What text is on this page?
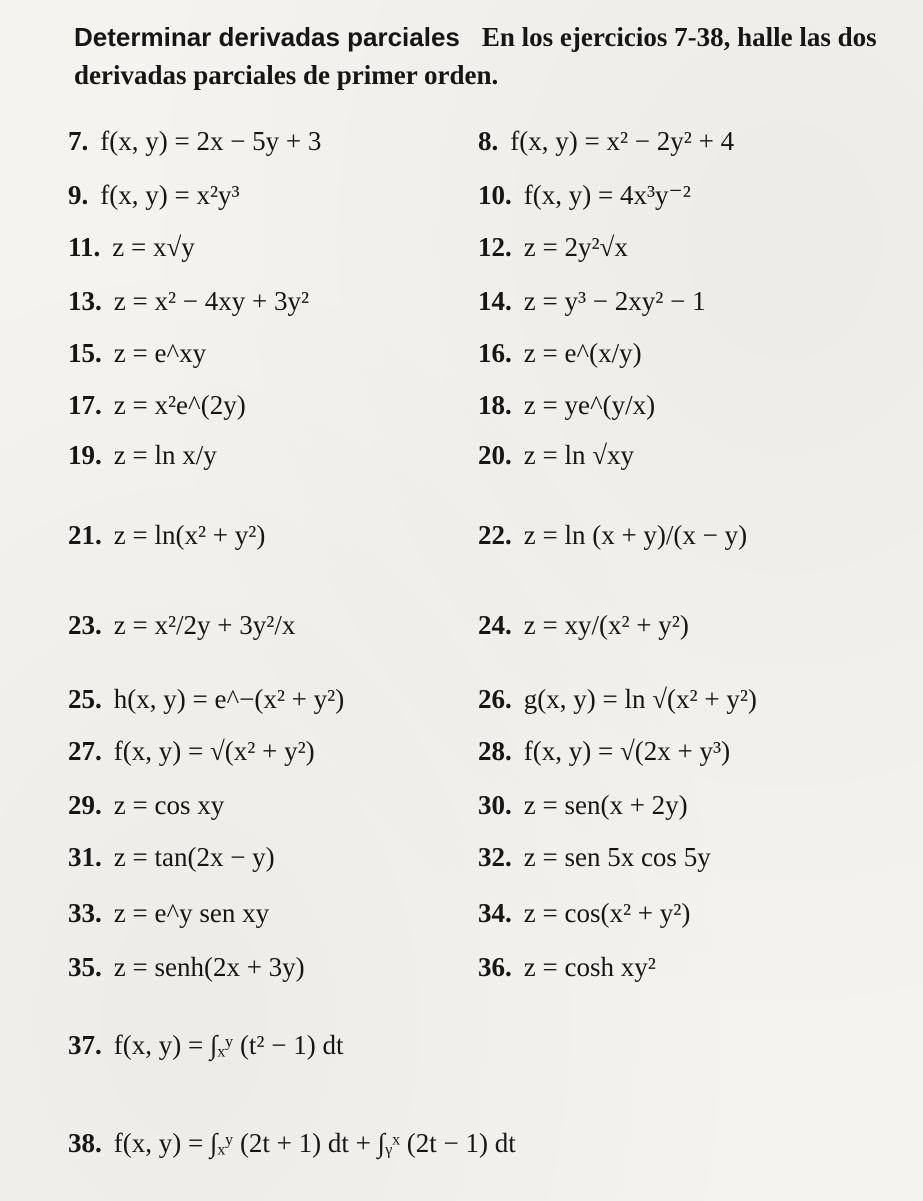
Determinar derivadas parciales En los ejercicios 7-38, halle las dos derivadas parciales de primer orden.
7. f(x, y) = 2x − 5y + 3	8. f(x, y) = x² − 2y² + 4
9. f(x, y) = x²y³	10. f(x, y) = 4x³y⁻²
11. z = x√y	12. z = 2y²√x
13. z = x² − 4xy + 3y²	14. z = y³ − 2xy² − 1
15. z = e^xy	16. z = e^(x/y)
17. z = x²e^(2y)	18. z = ye^(y/x)
19. z = ln x/y	20. z = ln √xy
21. z = ln(x² + y²)	22. z = ln (x + y)/(x − y)
23. z = x²/2y + 3y²/x	24. z = xy/(x² + y²)
25. h(x, y) = e^−(x² + y²)	26. g(x, y) = ln √(x² + y²)
27. f(x, y) = √(x² + y²)	28. f(x, y) = √(2x + y³)
29. z = cos xy	30. z = sen(x + 2y)
31. z = tan(2x − y)	32. z = sen 5x cos 5y
33. z = e^y sen xy	34. z = cos(x² + y²)
35. z = senh(2x + 3y)	36. z = cosh xy²
37. f(x, y) = ∫ₓʸ (t² − 1) dt
38. f(x, y) = ∫ₓʸ (2t + 1) dt + ∫ᵧˣ (2t − 1) dt
